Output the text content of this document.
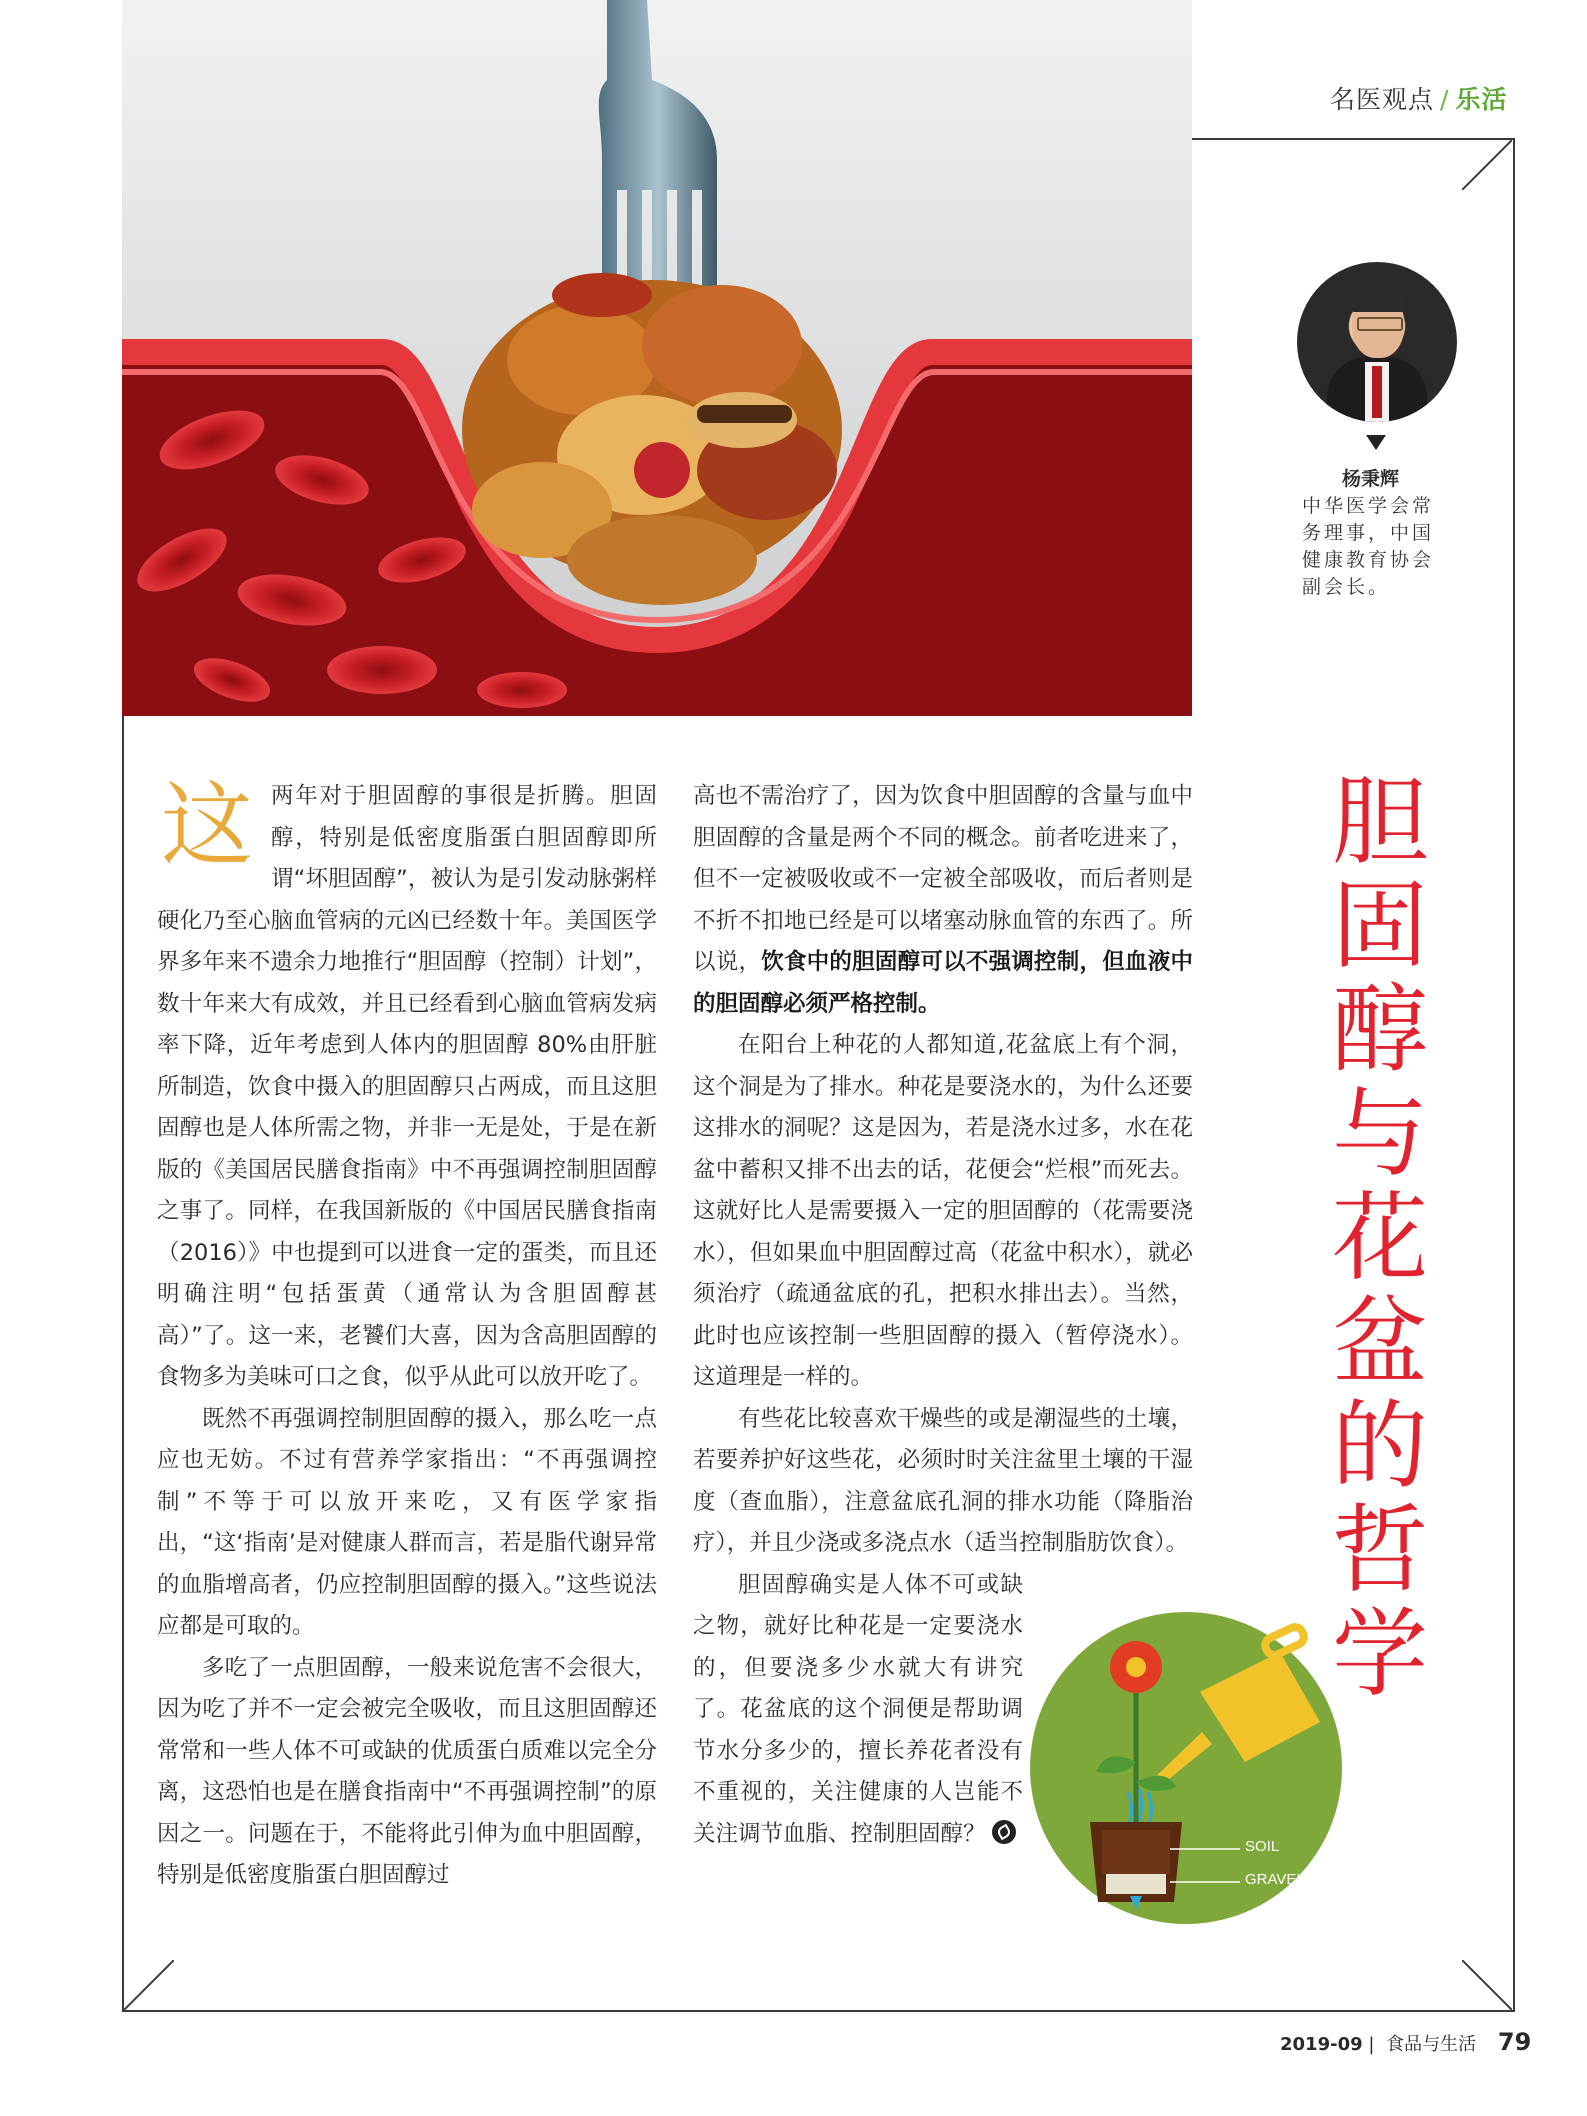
名医观点 / 乐活
杨秉辉
中华医学会常务理事，中国健康教育协会副会长。
胆固醇与花盆的哲学

这两年对于胆固醇的事很是折腾。胆固醇，特别是低密度脂蛋白胆固醇即所谓“坏胆固醇”，被认为是引发动脉粥样硬化乃至心脑血管病的元凶已经数十年。美国医学界多年来不遗余力地推行“胆固醇（控制）计划”，数十年来大有成效，并且已经看到心脑血管病发病率下降，近年考虑到人体内的胆固醇 80%由肝脏所制造，饮食中摄入的胆固醇只占两成，而且这胆固醇也是人体所需之物，并非一无是处，于是在新版的《美国居民膳食指南》中不再强调控制胆固醇之事了。同样，在我国新版的《中国居民膳食指南（2016）》中也提到可以进食一定的蛋类，而且还明确注明“包括蛋黄（通常认为含胆固醇甚高）”了。这一来，老饕们大喜，因为含高胆固醇的食物多为美味可口之食，似乎从此可以放开吃了。

既然不再强调控制胆固醇的摄入，那么吃一点应也无妨。不过有营养学家指出：“不再强调控制”不等于可以放开来吃，又有医学家指出，“这‘指南’是对健康人群而言，若是脂代谢异常的血脂增高者，仍应控制胆固醇的摄入。”这些说法应都是可取的。

多吃了一点胆固醇，一般来说危害不会很大，因为吃了并不一定会被完全吸收，而且这胆固醇还常常和一些人体不可或缺的优质蛋白质难以完全分离，这恐怕也是在膳食指南中“不再强调控制”的原因之一。问题在于，不能将此引伸为血中胆固醇，特别是低密度脂蛋白胆固醇过

高也不需治疗了，因为饮食中胆固醇的含量与血中胆固醇的含量是两个不同的概念。前者吃进来了，但不一定被吸收或不一定被全部吸收，而后者则是不折不扣地已经是可以堵塞动脉血管的东西了。所以说，饮食中的胆固醇可以不强调控制，但血液中的胆固醇必须严格控制。

在阳台上种花的人都知道,花盆底上有个洞，这个洞是为了排水。种花是要浇水的，为什么还要这排水的洞呢？这是因为，若是浇水过多，水在花盆中蓄积又排不出去的话，花便会“烂根”而死去。这就好比人是需要摄入一定的胆固醇的（花需要浇水），但如果血中胆固醇过高（花盆中积水），就必须治疗（疏通盆底的孔，把积水排出去）。当然，此时也应该控制一些胆固醇的摄入（暂停浇水）。这道理是一样的。

有些花比较喜欢干燥些的或是潮湿些的土壤，若要养护好这些花，必须时时关注盆里土壤的干湿度（查血脂），注意盆底孔洞的排水功能（降脂治疗），并且少浇或多浇点水（适当控制脂肪饮食）。

胆固醇确实是人体不可或缺之物，就好比种花是一定要浇水的，但要浇多少水就大有讲究了。花盆底的这个洞便是帮助调节水分多少的，擅长养花者没有不重视的，关注健康的人岂能不关注调节血脂、控制胆固醇？	SOIL
GRAVEL
2019-09 | 食品与生活 79
